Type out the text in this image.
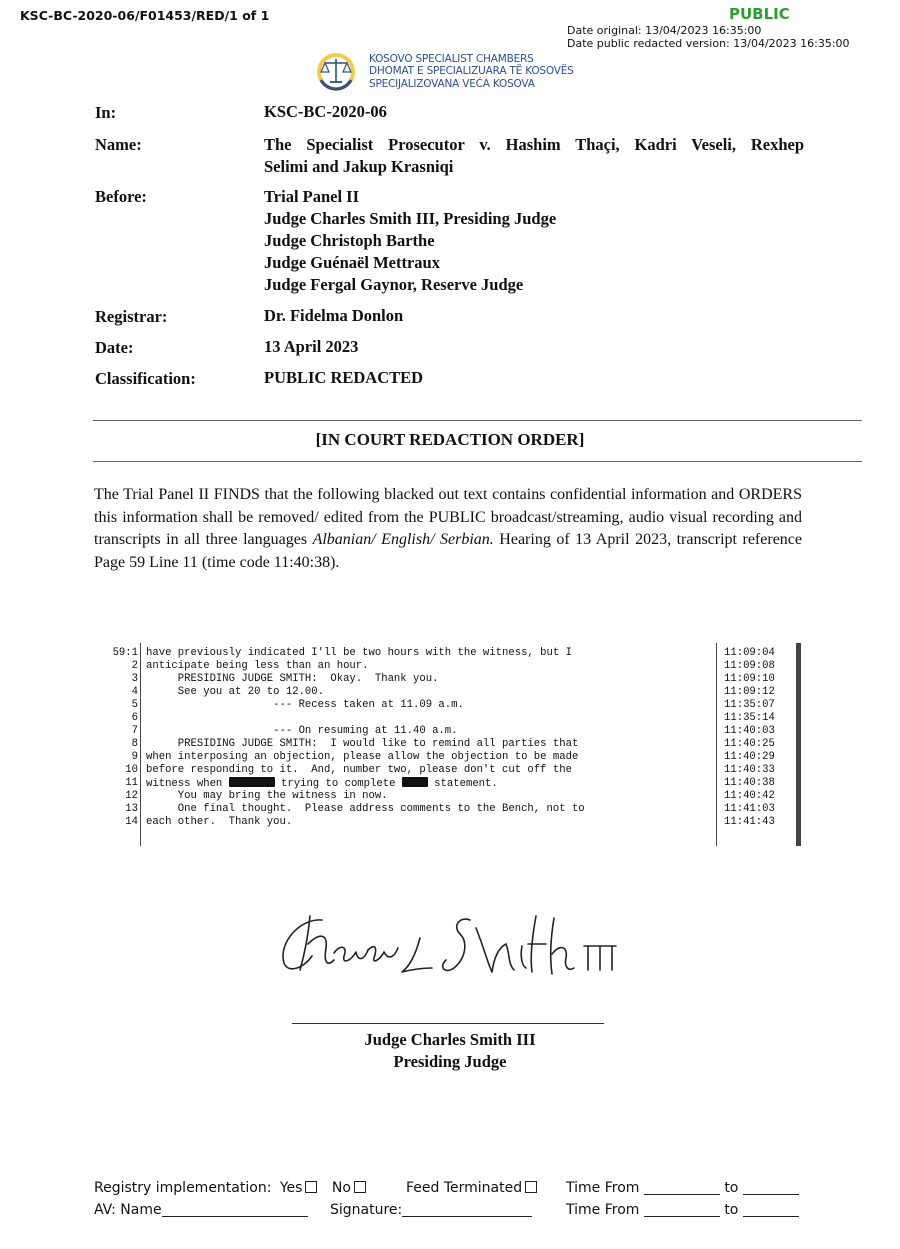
KSC-BC-2020-06/F01453/RED/1 of 1	PUBLIC
Date original: 13/04/2023 16:35:00
Date public redacted version: 13/04/2023 16:35:00
KOSOVO SPECIALIST CHAMBERS
DHOMAT E SPECIALIZUARA TË KOSOVËS
SPECIJALIZOVANA VEĆA KOSOVA
In:	KSC-BC-2020-06
Name:	The Specialist Prosecutor v. Hashim Thaçi, Kadri Veseli, Rexhep
Selimi and Jakup Krasniqi
Before:	Trial Panel II
Judge Charles Smith III, Presiding Judge
Judge Christoph Barthe
Judge Guénaël Mettraux
Judge Fergal Gaynor, Reserve Judge
Registrar:	Dr. Fidelma Donlon
Date:	13 April 2023
Classification:	PUBLIC REDACTED
[IN COURT REDACTION ORDER]
The Trial Panel II FINDS that the following blacked out text contains confidential information and ORDERS this information shall be removed/ edited from the PUBLIC broadcast/streaming, audio visual recording and transcripts in all three languages Albanian/ English/ Serbian. Hearing of 13 April 2023, transcript reference Page 59 Line 11 (time code 11:40:38).
59:1 have previously indicated I'll be two hours with the witness, but I	11:09:04
2 anticipate being less than an hour.	11:09:08
3 PRESIDING JUDGE SMITH:  Okay.  Thank you.	11:09:10
4 See you at 20 to 12.00.	11:09:12
5 --- Recess taken at 11.09 a.m.	11:35:07
6	11:35:14
7 --- On resuming at 11.40 a.m.	11:40:03
8 PRESIDING JUDGE SMITH:  I would like to remind all parties that	11:40:25
9 when interposing an objection, please allow the objection to be made	11:40:29
10 before responding to it.  And, number two, please don't cut off the	11:40:33
11 witness when	trying to complete  statement.	11:40:38
12 You may bring the witness in now.	11:40:42
13 One final thought.  Please address comments to the Bench, not to	11:41:03
14 each other.  Thank you.	11:41:43
Judge Charles Smith III
Presiding Judge
Registry implementation: Yes No	Feed Terminated	Time From	to
AV: Name	Signature:	Time From	to
